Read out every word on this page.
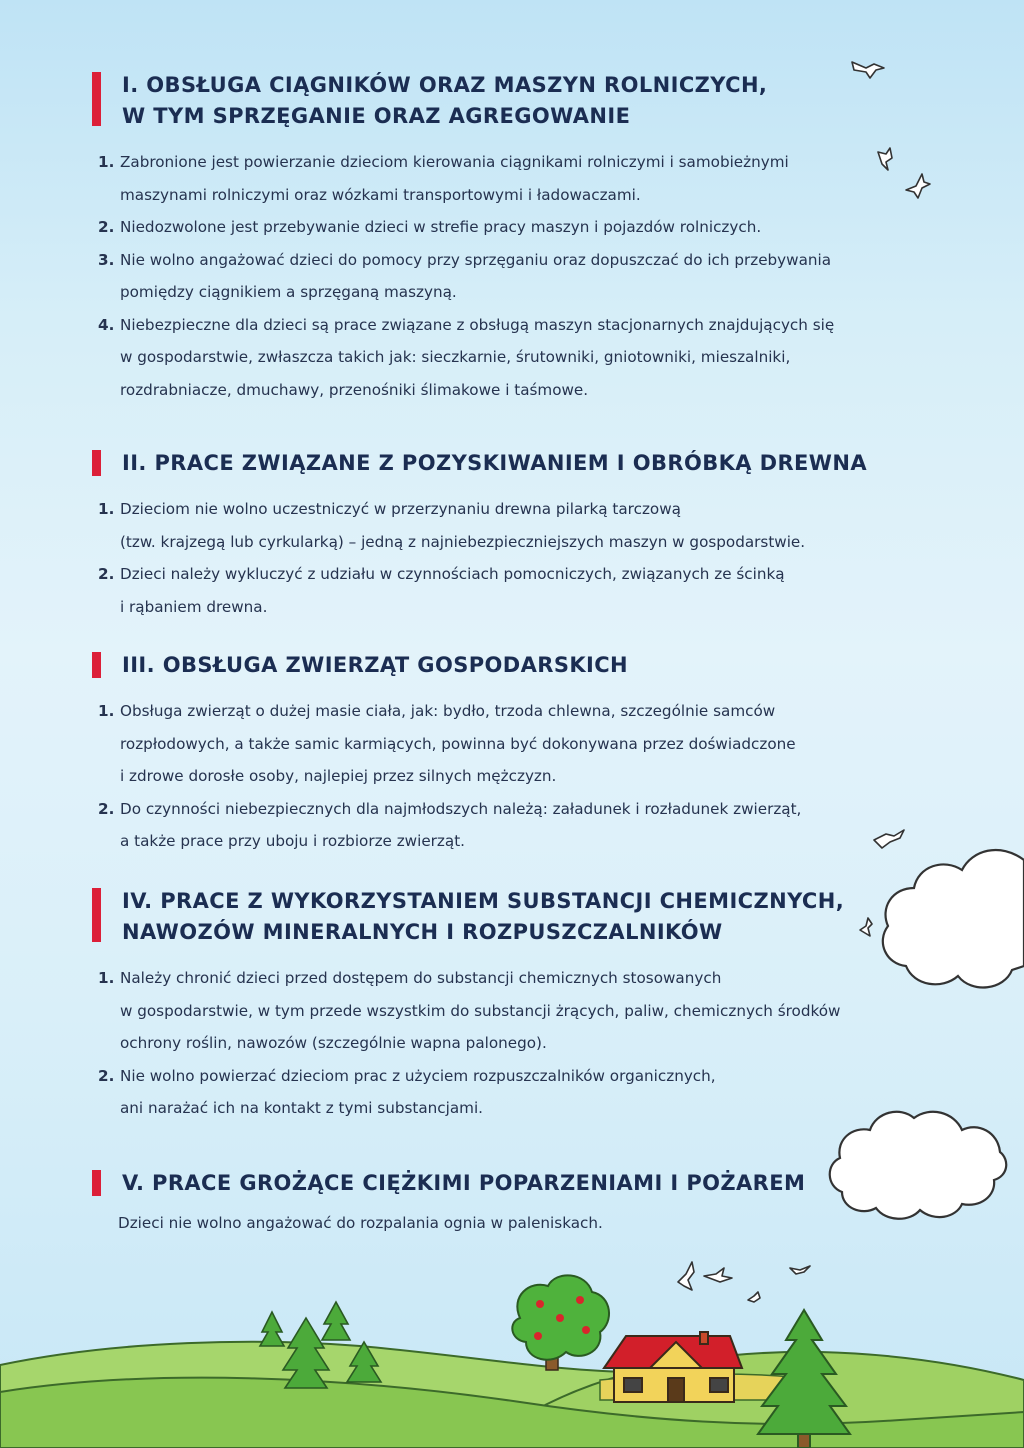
I. OBSŁUGA CIĄGNIKÓW ORAZ MASZYN ROLNICZYCH,
W TYM SPRZĘGANIE ORAZ AGREGOWANIE
1. Zabronione jest powierzanie dzieciom kierowania ciągnikami rolniczymi i samobieżnymi
maszynami rolniczymi oraz wózkami transportowymi i ładowaczami.
2. Niedozwolone jest przebywanie dzieci w strefie pracy maszyn i pojazdów rolniczych.
3. Nie wolno angażować dzieci do pomocy przy sprzęganiu oraz dopuszczać do ich przebywania
pomiędzy ciągnikiem a sprzęganą maszyną.
4. Niebezpieczne dla dzieci są prace związane z obsługą maszyn stacjonarnych znajdujących się
w gospodarstwie, zwłaszcza takich jak: sieczkarnie, śrutowniki, gniotowniki, mieszalniki,
rozdrabniacze, dmuchawy, przenośniki ślimakowe i taśmowe.
II. PRACE ZWIĄZANE Z POZYSKIWANIEM I OBRÓBKĄ DREWNA
1. Dzieciom nie wolno uczestniczyć w przerzynaniu drewna pilarką tarczową
(tzw. krajzegą lub cyrkularką) – jedną z najniebezpieczniejszych maszyn w gospodarstwie.
2. Dzieci należy wykluczyć z udziału w czynnościach pomocniczych, związanych ze ścinką
i rąbaniem drewna.
III. OBSŁUGA ZWIERZĄT GOSPODARSKICH
1. Obsługa zwierząt o dużej masie ciała, jak: bydło, trzoda chlewna, szczególnie samców
rozpłodowych, a także samic karmiących, powinna być dokonywana przez doświadczone
i zdrowe dorosłe osoby, najlepiej przez silnych mężczyzn.
2. Do czynności niebezpiecznych dla najmłodszych należą: załadunek i rozładunek zwierząt,
a także prace przy uboju i rozbiorze zwierząt.
IV. PRACE Z WYKORZYSTANIEM SUBSTANCJI CHEMICZNYCH,
NAWOZÓW MINERALNYCH I ROZPUSZCZALNIKÓW
1. Należy chronić dzieci przed dostępem do substancji chemicznych stosowanych
w gospodarstwie, w tym przede wszystkim do substancji żrących, paliw, chemicznych środków
ochrony roślin, nawozów (szczególnie wapna palonego).
2. Nie wolno powierzać dzieciom prac z użyciem rozpuszczalników organicznych,
ani narażać ich na kontakt z tymi substancjami.
V. PRACE GROŻĄCE CIĘŻKIMI POPARZENIAMI I POŻAREM
Dzieci nie wolno angażować do rozpalania ognia w paleniskach.
